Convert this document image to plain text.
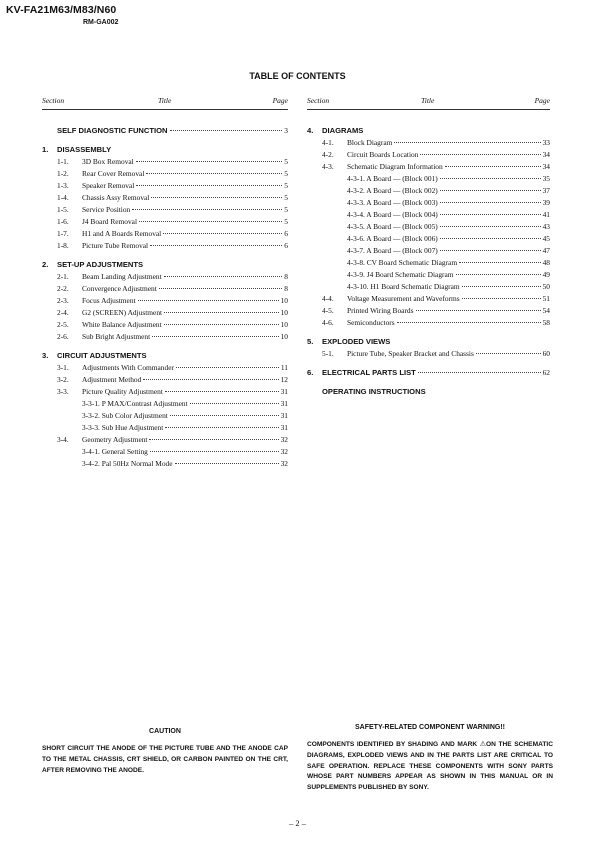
KV-FA21M63/M83/N60
RM-GA002
TABLE OF CONTENTS
Section	Title	Page
SELF DIAGNOSTIC FUNCTION	3
1.	DISASSEMBLY
1-1.	3D Box Removal	5
1-2.	Rear Cover Removal	5
1-3.	Speaker Removal	5
1-4.	Chassis Assy Removal	5
1-5.	Service Position	5
1-6.	J4 Board Removal	5
1-7.	H1 and A Boards Removal	6
1-8.	Picture Tube Removal	6
2.	SET-UP ADJUSTMENTS
2-1.	Beam Landing Adjustment	8
2-2.	Convergence Adjustment	8
2-3.	Focus Adjustment	10
2-4.	G2 (SCREEN) Adjustment	10
2-5.	White Balance Adjustment	10
2-6.	Sub Bright Adjustment	10
3.	CIRCUIT ADJUSTMENTS
3-1.	Adjustments With Commander	11
3-2.	Adjustment Method	12
3-3.	Picture Quality Adjustment	31
3-3-1. P MAX/Contrast Adjustment	31
3-3-2. Sub Color Adjustment	31
3-3-3. Sub Hue Adjustment	31
3-4.	Geometry Adjustment	32
3-4-1. General Setting	32
3-4-2. Pal 50Hz Normal Mode	32
Section	Title	Page
4.	DIAGRAMS
4-1.	Block Diagram	33
4-2.	Circuit Boards Location	34
4-3.	Schematic Diagram Information	34
4-3-1. A Board — (Block 001)	35
4-3-2. A Board — (Block 002)	37
4-3-3. A Board — (Block 003)	39
4-3-4. A Board — (Block 004)	41
4-3-5. A Board — (Block 005)	43
4-3-6. A Board — (Block 006)	45
4-3-7. A Board — (Block 007)	47
4-3-8. CV Board Schematic Diagram	48
4-3-9. J4 Board Schematic Diagram	49
4-3-10. H1 Board Schematic Diagram	50
4-4.	Voltage Measurement and Waveforms	51
4-5.	Printed Wiring Boards	54
4-6.	Semiconductors	58
5.	EXPLODED VIEWS
5-1.	Picture Tube, Speaker Bracket and Chassis	60
6.	ELECTRICAL PARTS LIST	62
OPERATING INSTRUCTIONS
CAUTION
SHORT CIRCUIT THE ANODE OF THE PICTURE TUBE AND THE ANODE CAP TO THE METAL CHASSIS, CRT SHIELD, OR CARBON PAINTED ON THE CRT, AFTER REMOVING THE ANODE.
SAFETY-RELATED COMPONENT WARNING!!
COMPONENTS IDENTIFIED BY SHADING AND MARK ⚠ON THE SCHEMATIC DIAGRAMS, EXPLODED VIEWS AND IN THE PARTS LIST ARE CRITICAL TO SAFE OPERATION. REPLACE THESE COMPONENTS WITH SONY PARTS WHOSE PART NUMBERS APPEAR AS SHOWN IN THIS MANUAL OR IN SUPPLEMENTS PUBLISHED BY SONY.
– 2 –
